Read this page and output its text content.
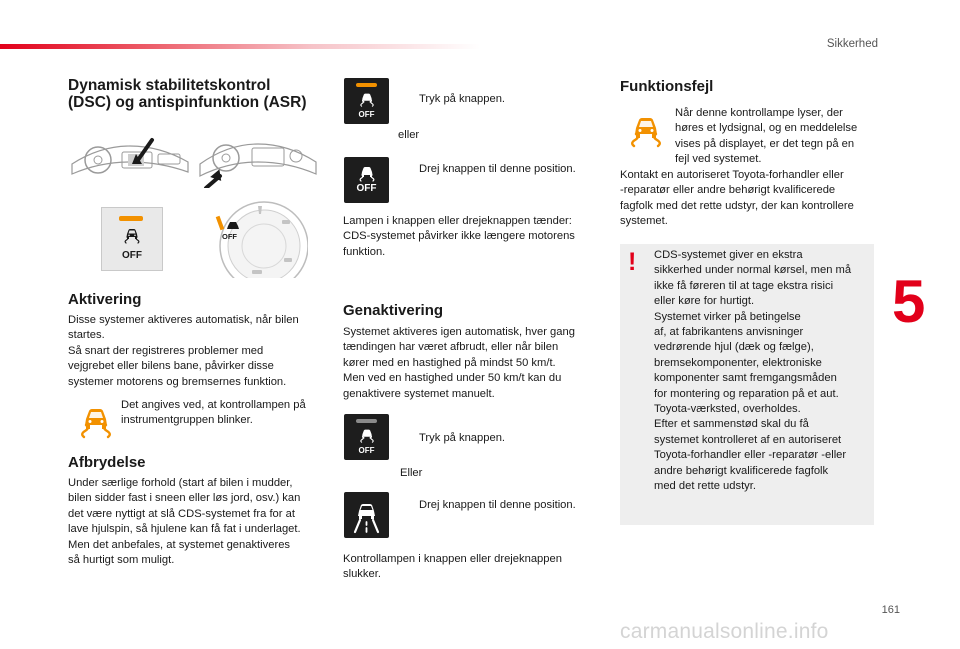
Sikkerhed
5
161
Dynamisk stabilitetskontrol
(DSC) og antispinfunktion (ASR)
OFF
OFF
Aktivering

Disse systemer aktiveres automatisk, når bilen

startes.

Så snart der registreres problemer med

vejgrebet eller bilens bane, påvirker disse

systemer motorens og bremsernes funktion.

Det angives ved, at kontrollampen på

instrumentgruppen blinker.

Afbrydelse

Under særlige forhold (start af bilen i mudder,

bilen sidder fast i sneen eller løs jord, osv.) kan

det være nyttigt at slå CDS-systemet fra for at

lave hjulspin, så hjulene kan få fat i underlaget.

Men det anbefales, at systemet genaktiveres

så hurtigt som muligt.

OFF
Tryk på knappen.
eller
OFF
Drej knappen til denne position.

Lampen i knappen eller drejeknappen tænder:

CDS-systemet påvirker ikke længere motorens

funktion.

Genaktivering

Systemet aktiveres igen automatisk, hver gang

tændingen har været afbrudt, eller når bilen

kører med en hastighed på mindst 50 km/t.

Men ved en hastighed under 50 km/t kan du

genaktivere systemet manuelt.

OFF
Tryk på knappen.
Eller
Drej knappen til denne position.

Kontrollampen i knappen eller drejeknappen

slukker.

Funktionsfejl

Når denne kontrollampe lyser, der

høres et lydsignal, og en meddelelse

vises på displayet, er det tegn på en

fejl ved systemet.

Kontakt en autoriseret Toyota-forhandler eller

-reparatør eller andre behørigt kvalificerede

fagfolk med det rette udstyr, der kan kontrollere

systemet.

! CDS-systemet giver en ekstra

sikkerhed under normal kørsel, men må

ikke få føreren til at tage ekstra risici

eller køre for hurtigt.

Systemet virker på betingelse

af, at fabrikantens anvisninger

vedrørende hjul (dæk og fælge),

bremsekomponenter, elektroniske

komponenter samt fremgangsmåden

for montering og reparation på et aut.

Toyota-værksted, overholdes.

Efter et sammenstød skal du få

systemet kontrolleret af en autoriseret

Toyota-forhandler eller -reparatør -eller

andre behørigt kvalificerede fagfolk

med det rette udstyr.

carmanualsonline.info
